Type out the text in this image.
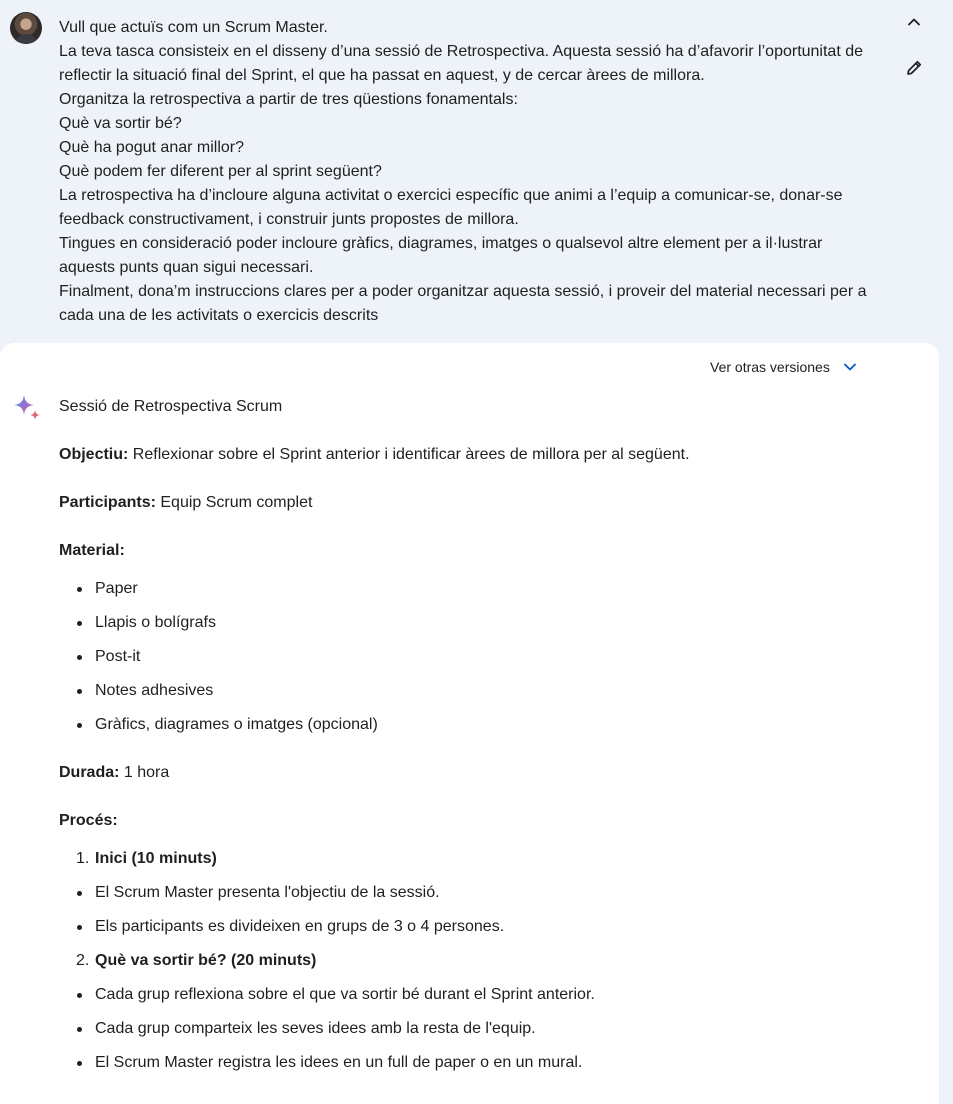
Vull que actuïs com un Scrum Master.
La teva tasca consisteix en el disseny d’una sessió de Retrospectiva. Aquesta sessió ha d’afavorir l’oportunitat de
reflectir la situació final del Sprint, el que ha passat en aquest, y de cercar àrees de millora.
Organitza la retrospectiva a partir de tres qüestions fonamentals:
Què va sortir bé?
Què ha pogut anar millor?
Què podem fer diferent per al sprint següent?
La retrospectiva ha d’incloure alguna activitat o exercici específic que animi a l’equip a comunicar-se, donar-se
feedback constructivament, i construir junts propostes de millora.
Tingues en consideració poder incloure gràfics, diagrames, imatges o qualsevol altre element per a il·lustrar
aquests punts quan sigui necessari.
Finalment, dona’m instruccions clares per a poder organitzar aquesta sessió, i proveir del material necessari per a
cada una de les activitats o exercicis descrits
Ver otras versiones

Sessió de Retrospectiva Scrum

Objectiu: Reflexionar sobre el Sprint anterior i identificar àrees de millora per al següent.

Participants: Equip Scrum complet

Material:

Paper
Llapis o bolígrafs
Post-it
Notes adhesives
Gràfics, diagrames o imatges (opcional)

Durada: 1 hora

Procés:

1. Inici (10 minuts)
El Scrum Master presenta l'objectiu de la sessió.
Els participants es divideixen en grups de 3 o 4 persones.
2. Què va sortir bé? (20 minuts)
Cada grup reflexiona sobre el que va sortir bé durant el Sprint anterior.
Cada grup comparteix les seves idees amb la resta de l'equip.
El Scrum Master registra les idees en un full de paper o en un mural.
